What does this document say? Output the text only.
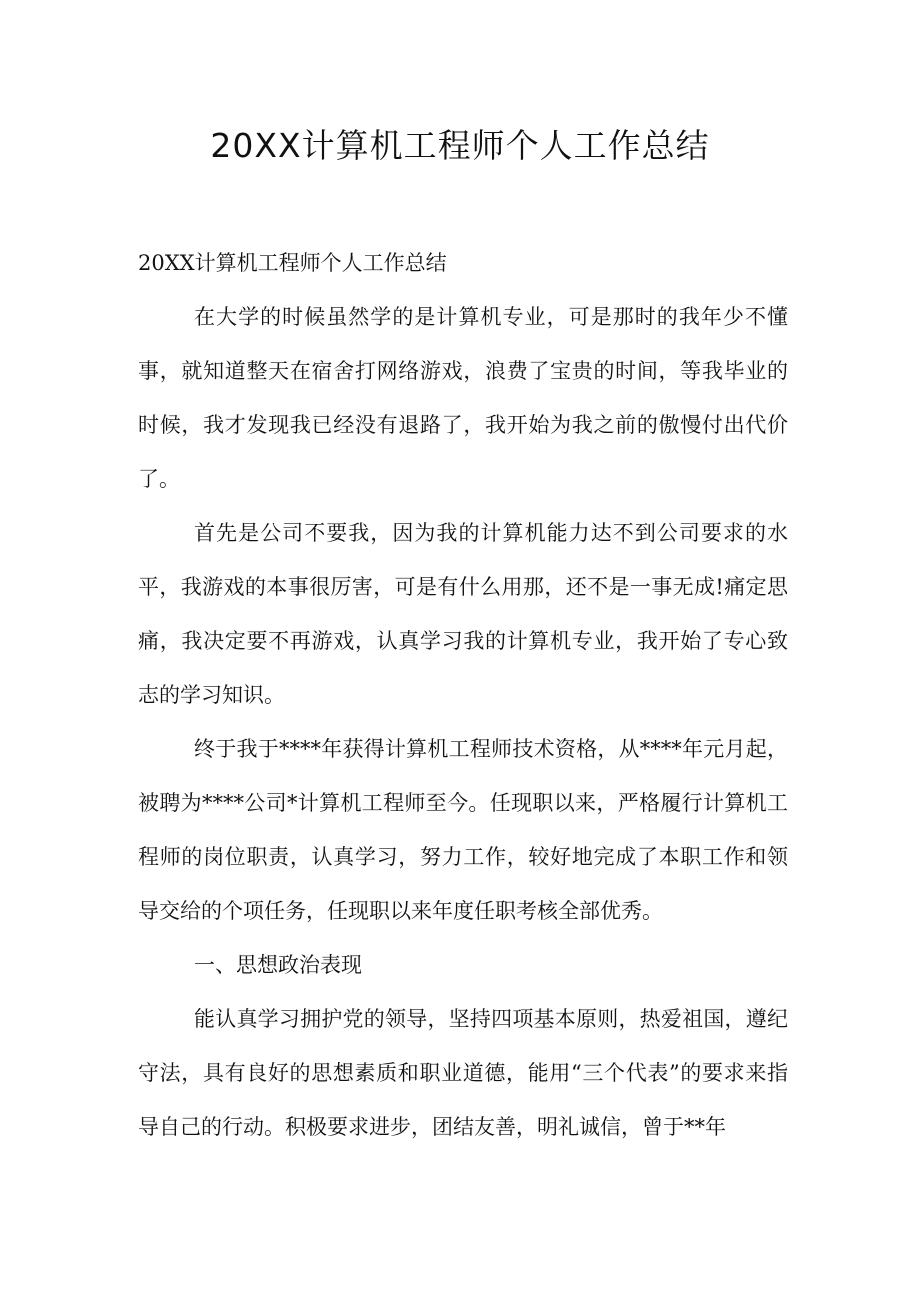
20XX计算机工程师个人工作总结

20XX计算机工程师个人工作总结

在大学的时候虽然学的是计算机专业，可是那时的我年少不懂事，就知道整天在宿舍打网络游戏，浪费了宝贵的时间，等我毕业的时候，我才发现我已经没有退路了，我开始为我之前的傲慢付出代价了。

首先是公司不要我，因为我的计算机能力达不到公司要求的水平，我游戏的本事很厉害，可是有什么用那，还不是一事无成!痛定思痛，我决定要不再游戏，认真学习我的计算机专业，我开始了专心致志的学习知识。

终于我于****年获得计算机工程师技术资格，从****年元月起，被聘为****公司*计算机工程师至今。任现职以来，严格履行计算机工程师的岗位职责，认真学习，努力工作，较好地完成了本职工作和领导交给的个项任务，任现职以来年度任职考核全部优秀。

一、思想政治表现

能认真学习拥护党的领导，坚持四项基本原则，热爱祖国，遵纪守法，具有良好的思想素质和职业道德，能用“三个代表”的要求来指导自己的行动。积极要求进步，团结友善，明礼诚信，曾于**年
